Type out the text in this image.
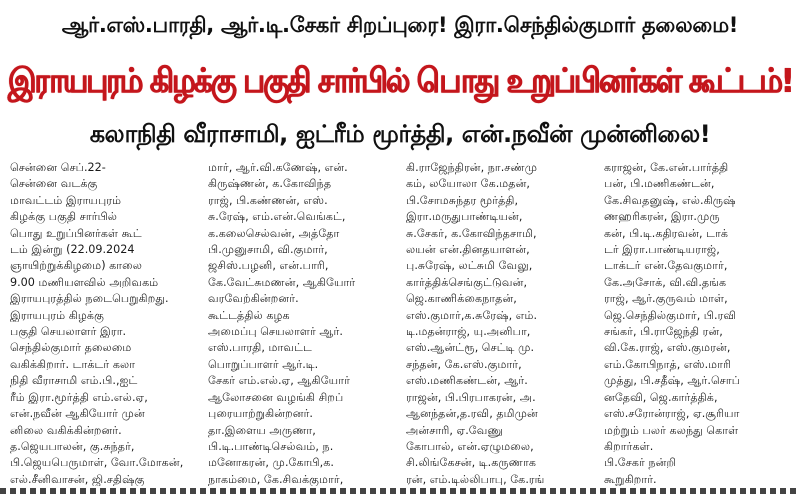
ஆர்.எஸ்.பாரதி, ஆர்.டி.சேகர் சிறப்புரை! இரா.செந்தில்குமார் தலைமை!
இராயபுரம் கிழக்கு பகுதி சார்பில் பொது உறுப்பினர்கள் கூட்டம்!
கலாநிதி வீராசாமி, ஐட்ரீம் மூர்த்தி, என்.நவீன் முன்னிலை!
சென்னை செப்.22-
சென்னை வடக்கு
மாவட்டம் இராயபுரம்
கிழக்கு பகுதி சார்பில்
பொது உறுப்பினர்கள் கூட்
டம் இன்று (22.09.2024
ஞாயிற்றுக்கிழமை) காலை
9.00 மணியளவில் அறிவகம்
இராயபுரத்தில் நடைபெறுகிறது.
இராயபுரம் கிழக்கு
பகுதி செயலாளர் இரா.
செந்தில்குமார் தலைமை
வகிக்கிறார். டாக்டர் கலா
நிதி வீராசாமி எம்.பி.,ஐட்
ரீம் இரா.மூர்த்தி எம்.எல்.ஏ,
என்.நவீன் ஆகியோர் முன்
னிலை வகிக்கின்றனர்.
த.ஜெயபாலன், கு.சுந்தர்,
பி.ஜெயபெருமாள், வோ.மோகன்,
எல்.சீனிவாசன், ஜி.சதிஷ்கு
மார், ஆர்.வி.கணேஷ், என்.
கிருஷ்ணன், க.கோவிந்த
ராஜ், பி.கண்ணன், எஸ்.
சு.ரேஷ், எம்.என்.வெங்கட்,
க.கலைசெல்வன், அத்தோ
பி.முனுசாமி, வி.குமார்,
ஜசிஸ்.பழனி, என்.பாரி,
கே.வேட்சுமணன், ஆகியோர்
வரவேற்கின்றனர்.
கூட்டத்தில் கழக
அமைப்பு செயலாளர் ஆர்.
எஸ்.பாரதி, மாவட்ட
பொறுப்பாளர் ஆர்.டி.
சேகர் எம்.எல்.ஏ, ஆகியோர்
ஆலோசனை வழங்கி சிறப்
புரையாற்றுகின்றனர்.
தா.இளைய அருணா,
பி.டி.பாண்டிசெல்வம், ந.
மனோகரன், மு.கோபி,க.
நாகம்மை, கே.சிவக்குமார்,
கி.ராஜேந்திரன், நா.சண்மு
கம், லயோலா கே.மதன்,
பி.சோமசுந்தர மூர்த்தி,
இரா.மருதுபாண்டியன்,
சு.சேகர், க.கோவிந்தசாமி,
லயன் என்.தினதயாளன்,
பு.சுரேஷ், லட்சுமி வேலு,
கார்த்திக்செங்குட்டுவன்,
ஜெ.காணிக்கைநாதன்,
எஸ்.குமார்,க.சுரேஷ், எம்.
டி.மதன்ராஜ், யு.அனிபா,
எஸ்.ஆன்ட்ரூ, செட்டி மு.
சந்தன், கே.எஸ்.குமார்,
எஸ்.மணிகண்டன், ஆர்.
ராஜன், பி.பிரபாகரன், அ.
ஆனந்தன்,த.ரவி, தமிமுன்
அன்சாரி, ஏ.வேணு
கோபால், என்.ஏழுமலை,
சி.லிங்கேசன், டி.கருணாக
ரன், எம்.டில்லிபாபு, கே.ரங்
கராஜன், கே.என்.பார்த்தி
பன், பி.மணிகண்டன்,
கே.சிவதனுஷ், எல்.கிருஷ்
ணஹரிகரன், இரா.முரு
கன், பி.டி.கதிரவன், டாக்
டர் இரா.பாண்டியராஜ்,
டாக்டர் என்.தேவகுமார்,
கே.அசோக், வி.வி.தங்க
ராஜ், ஆர்.குருவம் மாள்,
ஜெ.செந்தில்குமார், பி.ரவி
சங்கர், பி.ராஜேந்தி ரன்,
வி.கே.ராஜ், எஸ்.குமரன்,
எம்.கோபிநாத், எஸ்.மாரி
முத்து, பி.சதீஷ், ஆர்.சொப்
னதேவி, ஜெ.கார்த்திக்,
எஸ்.சரோன்ராஜ், ஏ.சூரியா
மற்றும் பலர் கலந்து கொள்
கிறார்கள்.
பி.சேகர் நன்றி
கூறுகிறார்.
